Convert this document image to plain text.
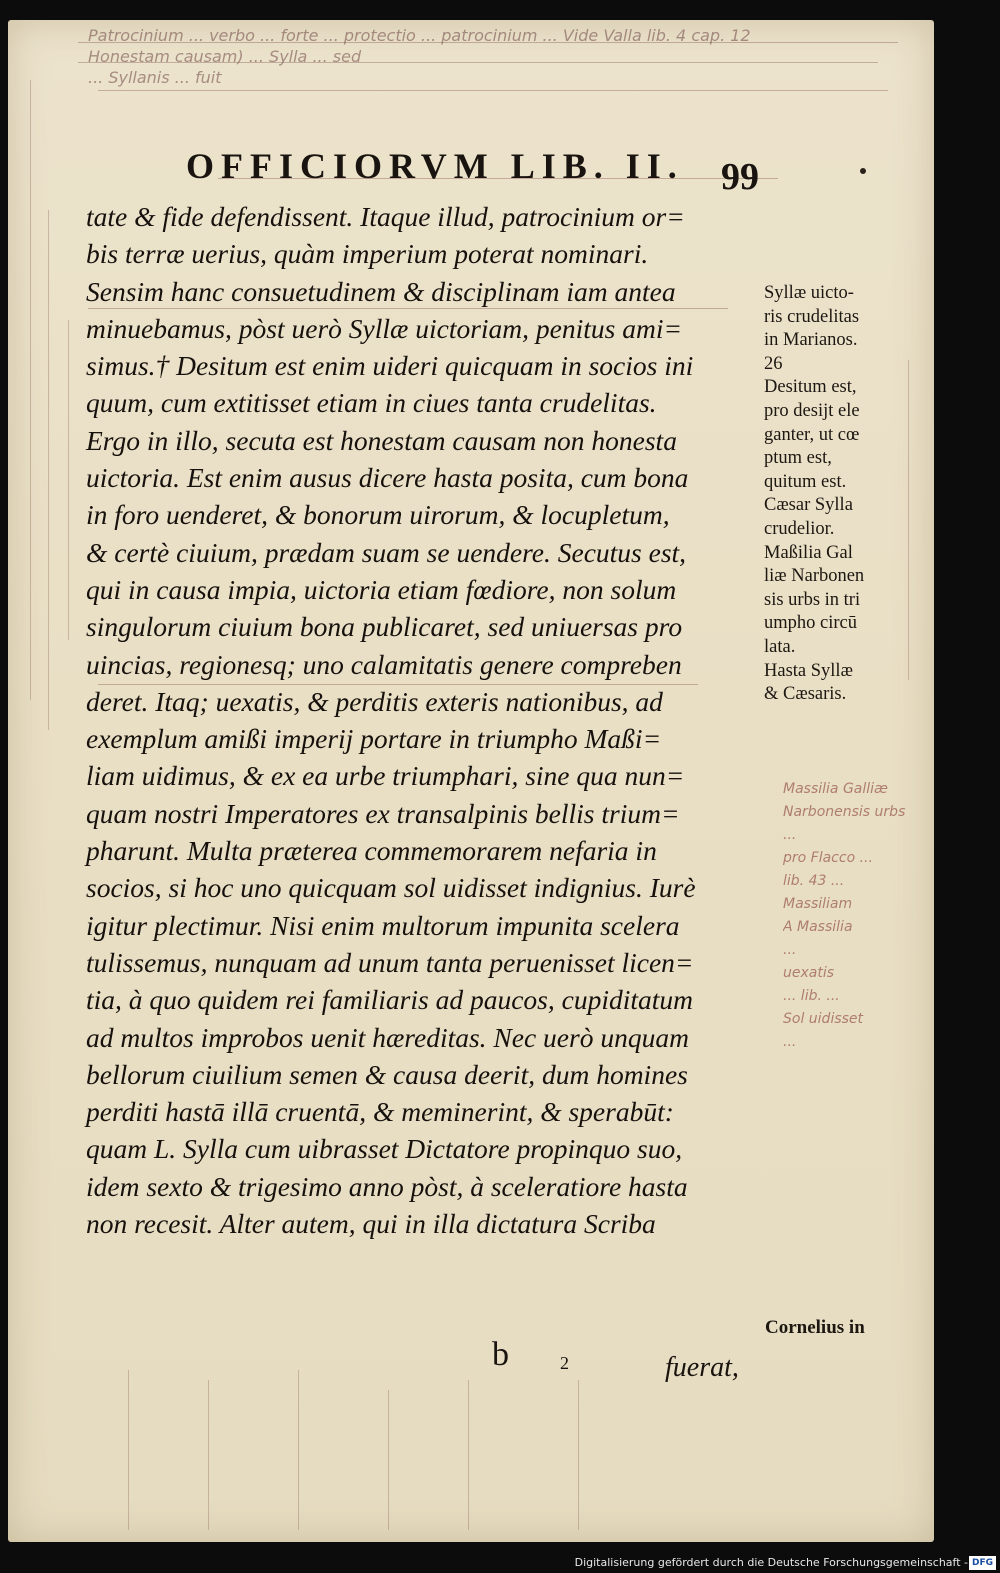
Patrocinium ... verbo ... forte ... protectio ... patrocinium ... Vide Valla lib. 4 cap. 12
Honestam causam) ... Sylla ... sed
... Syllanis ... fuit
OFFICIORVM LIB. II. 99
tate & fide defendissent. Itaque illud, patrocinium or=
bis terræ uerius, quàm imperium poterat nominari.
Sensim hanc consuetudinem & disciplinam iam antea
minuebamus, pòst uerò Syllæ uictoriam, penitus ami=
simus.† Desitum est enim uideri quicquam in socios ini
quum, cum extitisset etiam in ciues tanta crudelitas.
Ergo in illo, secuta est honestam causam non honesta
uictoria. Est enim ausus dicere hasta posita, cum bona
in foro uenderet, & bonorum uirorum, & locupletum,
& certè ciuium, prædam suam se uendere. Secutus est,
qui in causa impia, uictoria etiam fœdiore, non solum
singulorum ciuium bona publicaret, sed uniuersas pro
uincias, regionesq; uno calamitatis genere compreben
deret. Itaq; uexatis, & perditis exteris nationibus, ad
exemplum amißi imperij portare in triumpho Maßi=
liam uidimus, & ex ea urbe triumphari, sine qua nun=
quam nostri Imperatores ex transalpinis bellis trium=
pharunt. Multa præterea commemorarem nefaria in
socios, si hoc uno quicquam sol uidisset indignius. Iurè
igitur plectimur. Nisi enim multorum impunita scelera
tulissemus, nunquam ad unum tanta peruenisset licen=
tia, à quo quidem rei familiaris ad paucos, cupiditatum
ad multos improbos uenit hæreditas. Nec uerò unquam
bellorum ciuilium semen & causa deerit, dum homines
perditi hastā illā cruentā, & meminerint, & sperabūt:
quam L. Sylla cum uibrasset Dictatore propinquo suo,
idem sexto & trigesimo anno pòst, à sceleratiore hasta
non recesit. Alter autem, qui in illa dictatura Scriba
Syllæ uicto-
ris crudelitas
in Marianos.
26
Desitum est,
pro desijt ele
ganter, ut cœ
ptum est,
quitum est.
Cæsar Sylla
crudelior.
Maßilia Gal
liæ Narbonen
sis urbs in tri
umpho circū
lata.
Hasta Syllæ
& Cæsaris.
Massilia Galliæ
Narbonensis urbs
...
pro Flacco ...
lib. 43 ...
Massiliam
A Massilia
...
uexatis
... lib. ...
Sol uidisset
...
Cornelius in
b	2	fuerat,
Digitalisierung gefördert durch die Deutsche Forschungsgemeinschaft - DFG
